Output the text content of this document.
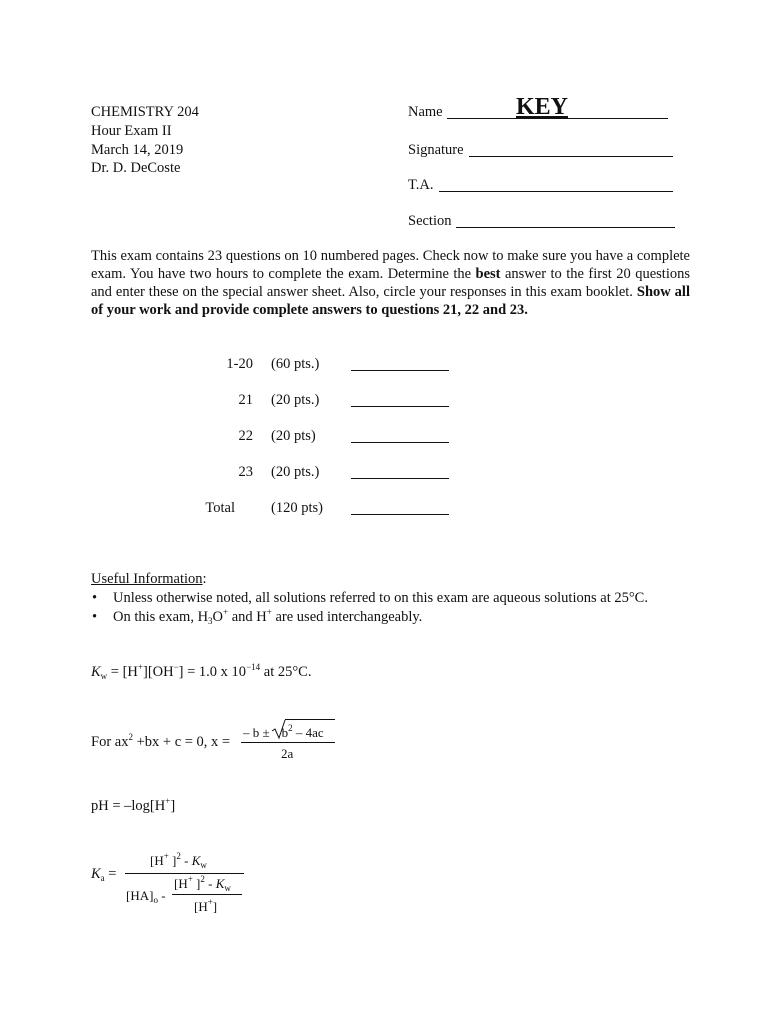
CHEMISTRY 204
Hour Exam II
March 14, 2019
Dr. D. DeCoste
Name	KEY
Signature
T.A.
Section
This exam contains 23 questions on 10 numbered pages. Check now to make sure you have a complete exam. You have two hours to complete the exam. Determine the best answer to the first 20 questions and enter these on the special answer sheet. Also, circle your responses in this exam booklet. Show all of your work and provide complete answers to questions 21, 22 and 23.
1-20 (60 pts.)
21 (20 pts.)
22 (20 pts)
23 (20 pts.)
Total (120 pts)
Useful Information:
• Unless otherwise noted, all solutions referred to on this exam are aqueous solutions at 25°C.
• On this exam, $H_3O^+$ and H+ are used interchangeably.
$K_w = [H^+][OH^-] = 1.0$ x $10^{-14}$ at 25°C.
For $ax^2 +bx + c = 0$, x =
– $b \pm b^2 - 4ac$
2a
pH = –log[H+]
$K_a$ =
[H+ ]$^2 - K_w$
[H+ ]$^2 - K_w$
$[HA]_o$ -
[H+]
